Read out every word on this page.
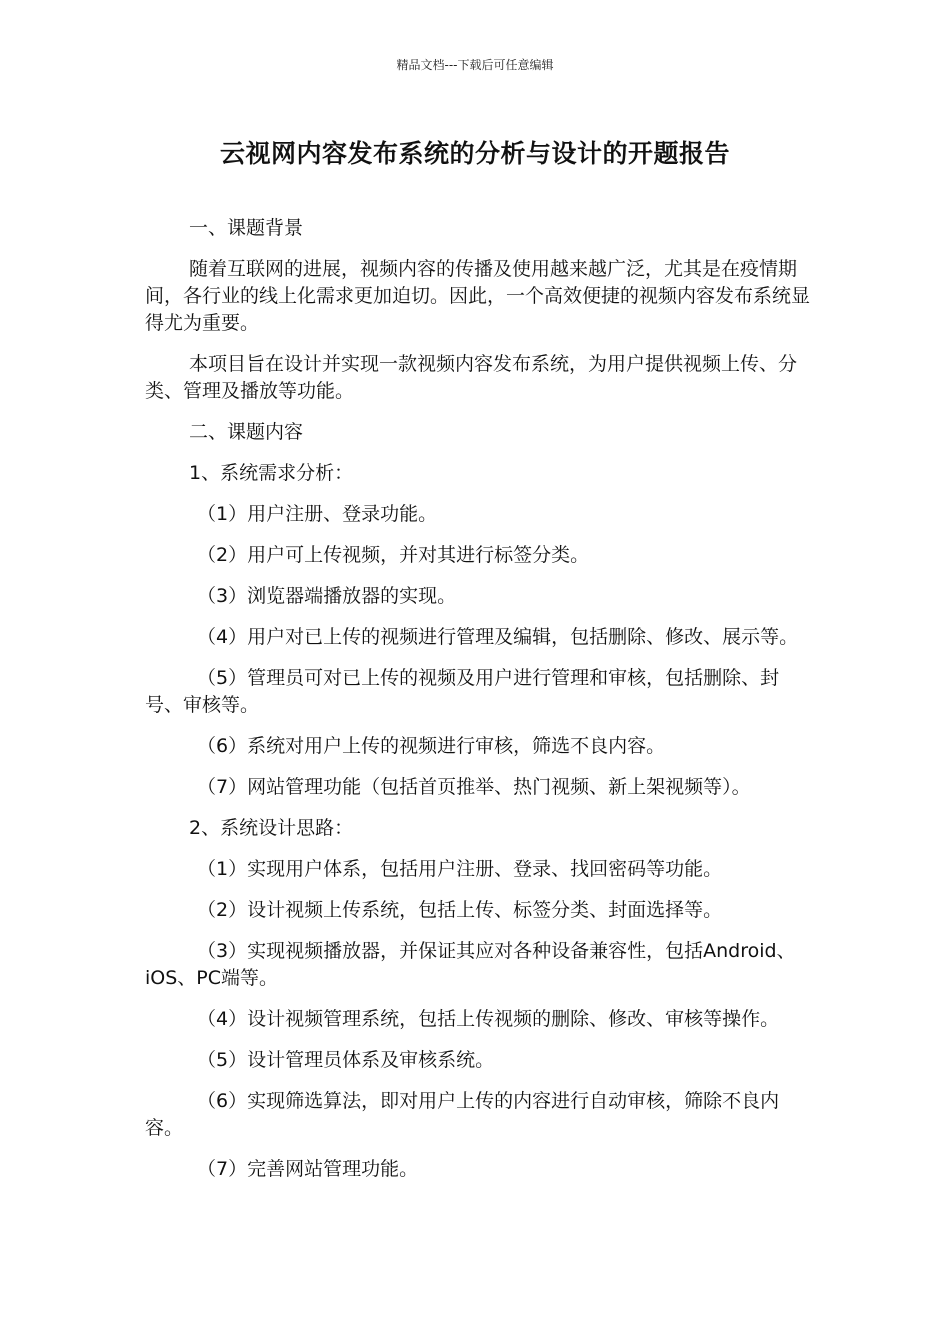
精品文档---下载后可任意编辑
云视网内容发布系统的分析与设计的开题报告

一、课题背景

随着互联网的进展，视频内容的传播及使用越来越广泛，尤其是在疫情期间，各行业的线上化需求更加迫切。因此，一个高效便捷的视频内容发布系统显得尤为重要。

本项目旨在设计并实现一款视频内容发布系统，为用户提供视频上传、分类、管理及播放等功能。

二、课题内容

1、系统需求分析：

（1）用户注册、登录功能。

（2）用户可上传视频，并对其进行标签分类。

（3）浏览器端播放器的实现。

（4）用户对已上传的视频进行管理及编辑，包括删除、修改、展示等。

（5）管理员可对已上传的视频及用户进行管理和审核，包括删除、封号、审核等。

（6）系统对用户上传的视频进行审核，筛选不良内容。

（7）网站管理功能（包括首页推举、热门视频、新上架视频等）。

2、系统设计思路：

（1）实现用户体系，包括用户注册、登录、找回密码等功能。

（2）设计视频上传系统，包括上传、标签分类、封面选择等。

（3）实现视频播放器，并保证其应对各种设备兼容性，包括Android、iOS、PC端等。

（4）设计视频管理系统，包括上传视频的删除、修改、审核等操作。

（5）设计管理员体系及审核系统。

（6）实现筛选算法，即对用户上传的内容进行自动审核，筛除不良内容。

（7）完善网站管理功能。
